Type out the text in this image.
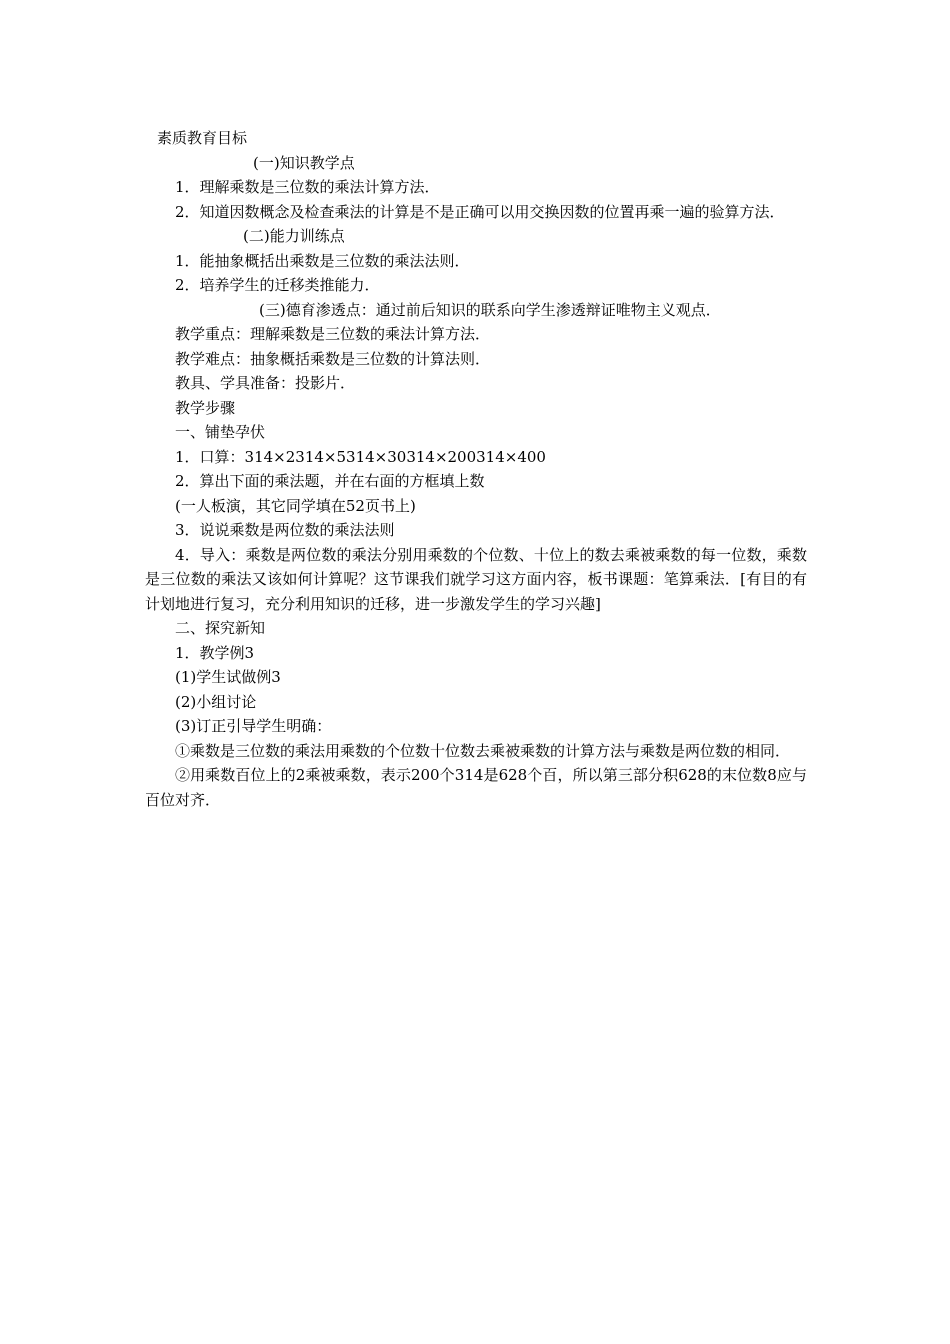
素质教育目标

(一)知识教学点

1．理解乘数是三位数的乘法计算方法．

2．知道因数概念及检查乘法的计算是不是正确可以用交换因数的位置再乘一遍的验算方法．

(二)能力训练点

1．能抽象概括出乘数是三位数的乘法法则．

2．培养学生的迁移类推能力．

(三)德育渗透点：通过前后知识的联系向学生渗透辩证唯物主义观点．

教学重点：理解乘数是三位数的乘法计算方法．

教学难点：抽象概括乘数是三位数的计算法则．

教具、学具准备：投影片．

教学步骤

一、铺垫孕伏

1．口算：314×2314×5314×30314×200314×400

2．算出下面的乘法题，并在右面的方框填上数

(一人板演，其它同学填在52页书上)

3．说说乘数是两位数的乘法法则

4．导入：乘数是两位数的乘法分别用乘数的个位数、十位上的数去乘被乘数的每一位数，乘数是三位数的乘法又该如何计算呢？这节课我们就学习这方面内容，板书课题：笔算乘法．[有目的有计划地进行复习，充分利用知识的迁移，进一步激发学生的学习兴趣]

二、探究新知

1．教学例3

(1)学生试做例3

(2)小组讨论

(3)订正引导学生明确：

①乘数是三位数的乘法用乘数的个位数十位数去乘被乘数的计算方法与乘数是两位数的相同．

②用乘数百位上的2乘被乘数，表示200个314是628个百，所以第三部分积628的末位数8应与百位对齐．
